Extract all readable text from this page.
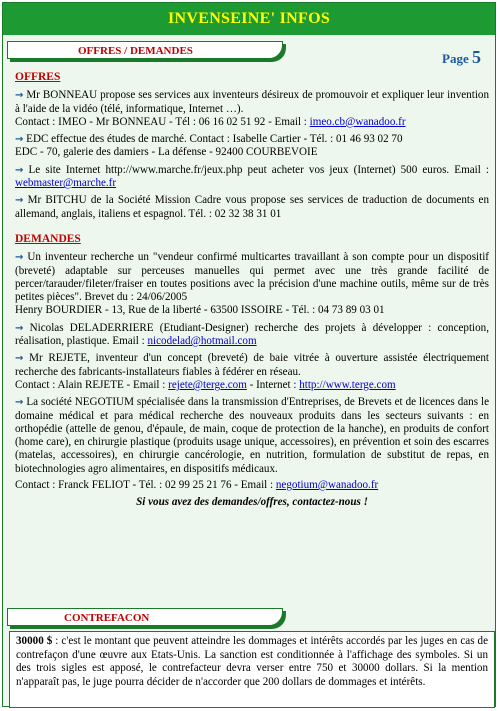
INVENSEINE' INFOS
OFFRES / DEMANDES	Page 5
OFFRES
→ Mr BONNEAU propose ses services aux inventeurs désireux de promouvoir et expliquer leur invention à l'aide de la vidéo (télé, informatique, Internet …).
Contact : IMEO - Mr BONNEAU - Tél : 06 16 02 51 92 - Email : imeo.cb@wanadoo.fr
→ EDC effectue des études de marché. Contact : Isabelle Cartier - Tél. : 01 46 93 02 70
EDC - 70, galerie des damiers - La défense - 92400 COURBEVOIE
→ Le site Internet http://www.marche.fr/jeux.php peut acheter vos jeux (Internet) 500 euros. Email : webmaster@marche.fr
→ Mr BITCHU de la Société Mission Cadre vous propose ses services de traduction de documents en allemand, anglais, italiens et espagnol. Tél. : 02 32 38 31 01
DEMANDES
→ Un inventeur recherche un "vendeur confirmé multicartes travaillant à son compte pour un dispositif (breveté) adaptable sur perceuses manuelles qui permet avec une très grande facilité de percer/tarauder/fileter/fraiser en toutes positions avec la précision d'une machine outils, même sur de très petites pièces". Brevet du : 24/06/2005
Henry BOURDIER - 13, Rue de la liberté - 63500 ISSOIRE - Tél. : 04 73 89 03 01
→ Nicolas DELADERRIERE (Etudiant-Designer) recherche des projets à développer : conception, réalisation, plastique. Email : nicodelad@hotmail.com
→ Mr REJETE, inventeur d'un concept (breveté) de baie vitrée à ouverture assistée électriquement recherche des fabricants-installateurs fiables à fédérer en réseau.
Contact : Alain REJETE - Email : rejete@terge.com - Internet : http://www.terge.com
→ La société NEGOTIUM spécialisée dans la transmission d'Entreprises, de Brevets et de licences dans le domaine médical et para médical recherche des nouveaux produits dans les secteurs suivants : en orthopédie (attelle de genou, d'épaule, de main, coque de protection de la hanche), en produits de confort (home care), en chirurgie plastique (produits usage unique, accessoires), en prévention et soin des escarres (matelas, accessoires), en chirurgie cancérologie, en nutrition, formulation de substitut de repas, en biotechnologies agro alimentaires, en dispositifs médicaux.
Contact : Franck FELIOT - Tél. : 02 99 25 21 76 - Email : negotium@wanadoo.fr
Si vous avez des demandes/offres, contactez-nous !
CONTREFACON
30000 $ : c'est le montant que peuvent atteindre les dommages et intérêts accordés par les juges en cas de contrefaçon d'une œuvre aux Etats-Unis. La sanction est conditionnée à l'affichage des symboles. Si un des trois sigles est apposé, le contrefacteur devra verser entre 750 et 30000 dollars. Si la mention n'apparaît pas, le juge pourra décider de n'accorder que 200 dollars de dommages et intérêts.
